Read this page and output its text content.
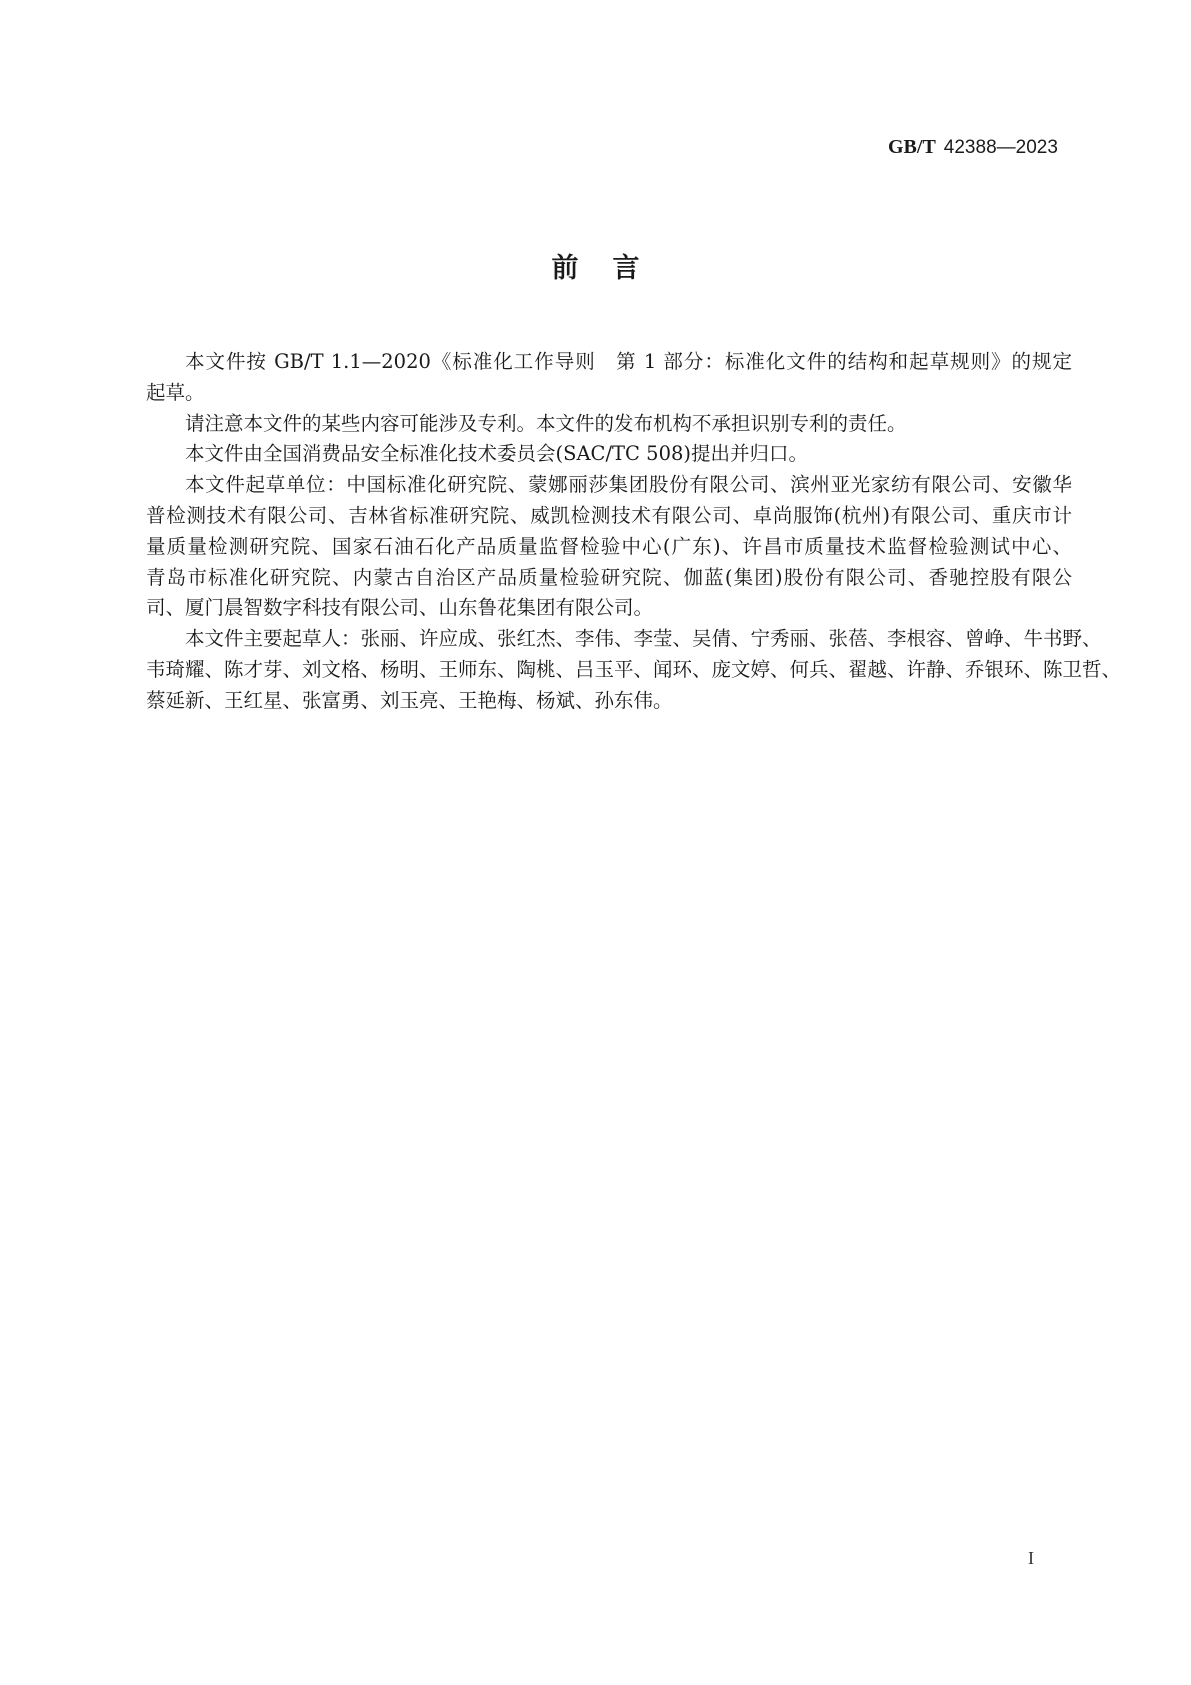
GB/T 42388—2023
前言
本文件按 GB/T 1.1—2020《标准化工作导则　第 1 部分：标准化文件的结构和起草规则》的规定
起草。
请注意本文件的某些内容可能涉及专利。本文件的发布机构不承担识别专利的责任。
本文件由全国消费品安全标准化技术委员会(SAC/TC 508)提出并归口。
本文件起草单位：中国标准化研究院、蒙娜丽莎集团股份有限公司、滨州亚光家纺有限公司、安徽华
普检测技术有限公司、吉林省标准研究院、威凯检测技术有限公司、卓尚服饰(杭州)有限公司、重庆市计
量质量检测研究院、国家石油石化产品质量监督检验中心(广东)、许昌市质量技术监督检验测试中心、
青岛市标准化研究院、内蒙古自治区产品质量检验研究院、伽蓝(集团)股份有限公司、香驰控股有限公
司、厦门晨智数字科技有限公司、山东鲁花集团有限公司。
本文件主要起草人：张丽、许应成、张红杰、李伟、李莹、吴倩、宁秀丽、张蓓、李根容、曾峥、牛书野、
韦琦耀、陈才芽、刘文格、杨明、王师东、陶桃、吕玉平、闻环、庞文婷、何兵、翟越、许静、乔银环、陈卫哲、
蔡延新、王红星、张富勇、刘玉亮、王艳梅、杨斌、孙东伟。
I
